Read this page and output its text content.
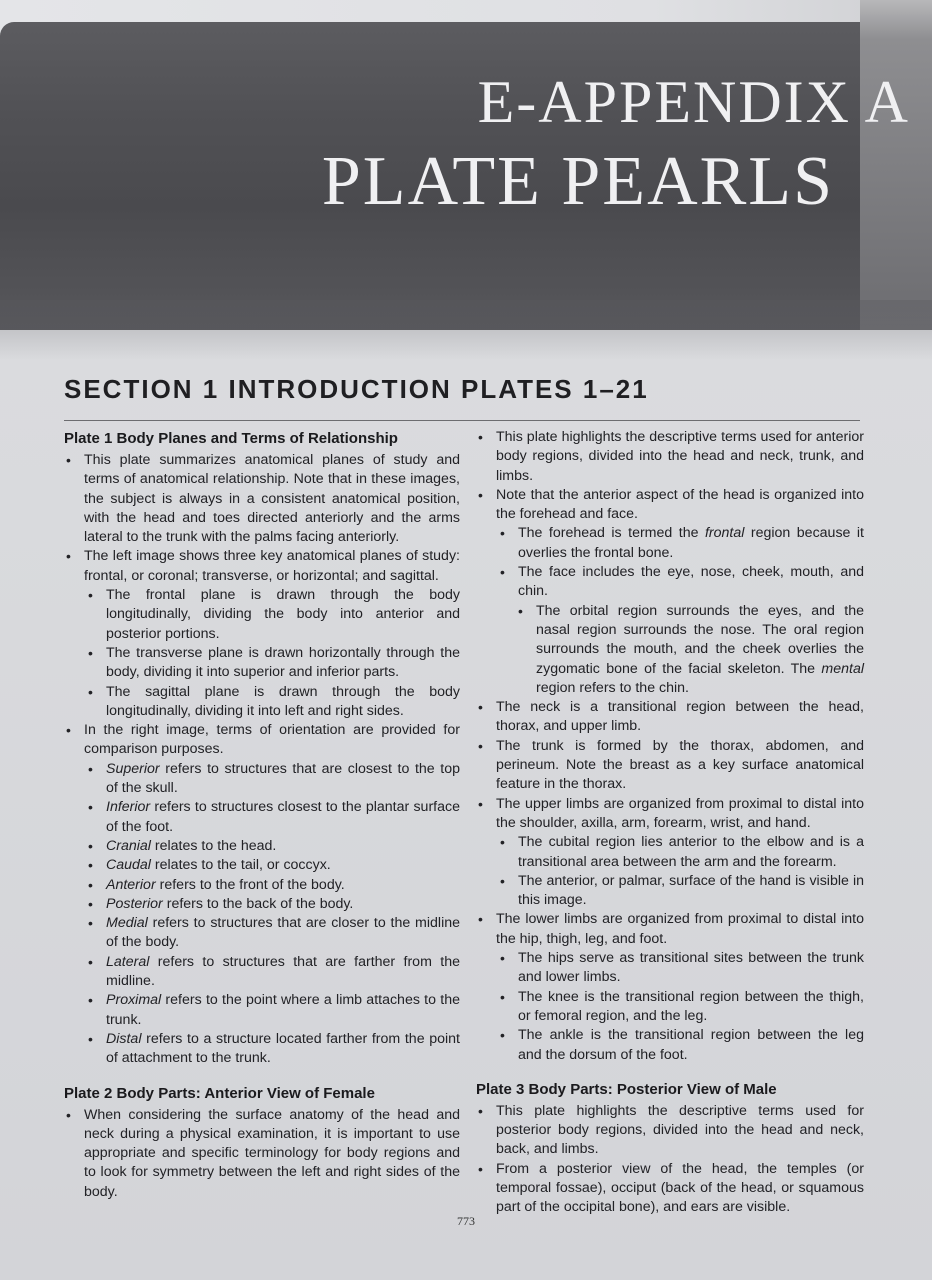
E-APPENDIX A
PLATE PEARLS
SECTION 1 INTRODUCTION PLATES 1–21
Plate 1 Body Planes and Terms of Relationship
• This plate summarizes anatomical planes of study and terms of anatomical relationship. Note that in these images, the subject is always in a consistent anatomical position, with the head and toes directed anteriorly and the arms lateral to the trunk with the palms facing anteriorly.
• The left image shows three key anatomical planes of study: frontal, or coronal; transverse, or horizontal; and sagittal.
• The frontal plane is drawn through the body longitudinally, dividing the body into anterior and posterior portions.
• The transverse plane is drawn horizontally through the body, dividing it into superior and inferior parts.
• The sagittal plane is drawn through the body longitudinally, dividing it into left and right sides.
• In the right image, terms of orientation are provided for comparison purposes.
• Superior refers to structures that are closest to the top of the skull.
• Inferior refers to structures closest to the plantar surface of the foot.
• Cranial relates to the head.
• Caudal relates to the tail, or coccyx.
• Anterior refers to the front of the body.
• Posterior refers to the back of the body.
• Medial refers to structures that are closer to the midline of the body.
• Lateral refers to structures that are farther from the midline.
• Proximal refers to the point where a limb attaches to the trunk.
• Distal refers to a structure located farther from the point of attachment to the trunk.
Plate 2 Body Parts: Anterior View of Female
• When considering the surface anatomy of the head and neck during a physical examination, it is important to use appropriate and specific terminology for body regions and to look for symmetry between the left and right sides of the body.
• This plate highlights the descriptive terms used for anterior body regions, divided into the head and neck, trunk, and limbs.
• Note that the anterior aspect of the head is organized into the forehead and face.
• The forehead is termed the frontal region because it overlies the frontal bone.
• The face includes the eye, nose, cheek, mouth, and chin.
• The orbital region surrounds the eyes, and the nasal region surrounds the nose. The oral region surrounds the mouth, and the cheek overlies the zygomatic bone of the facial skeleton. The mental region refers to the chin.
• The neck is a transitional region between the head, thorax, and upper limb.
• The trunk is formed by the thorax, abdomen, and perineum. Note the breast as a key surface anatomical feature in the thorax.
• The upper limbs are organized from proximal to distal into the shoulder, axilla, arm, forearm, wrist, and hand.
• The cubital region lies anterior to the elbow and is a transitional area between the arm and the forearm.
• The anterior, or palmar, surface of the hand is visible in this image.
• The lower limbs are organized from proximal to distal into the hip, thigh, leg, and foot.
• The hips serve as transitional sites between the trunk and lower limbs.
• The knee is the transitional region between the thigh, or femoral region, and the leg.
• The ankle is the transitional region between the leg and the dorsum of the foot.
Plate 3 Body Parts: Posterior View of Male
• This plate highlights the descriptive terms used for posterior body regions, divided into the head and neck, back, and limbs.
• From a posterior view of the head, the temples (or temporal fossae), occiput (back of the head, or squamous part of the occipital bone), and ears are visible.
773
